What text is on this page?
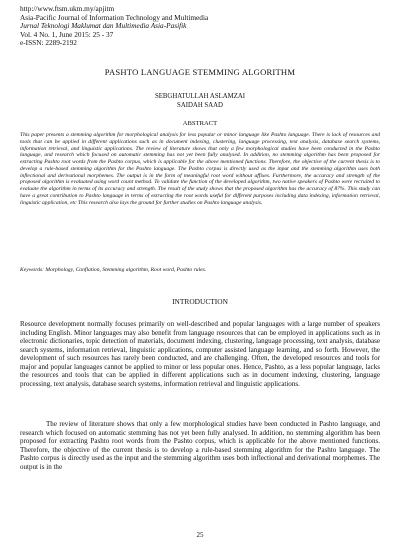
http://www.ftsm.ukm.my/apjitm
Asia-Pacific Journal of Information Technology and Multimedia
Jurnal Teknologi Maklumat dan Multimedia Asia-Pasifik
Vol. 4 No. 1, June 2015: 25 - 37
e-ISSN: 2289-2192
PASHTO LANGUAGE STEMMING ALGORITHM
SEBGHATULLAH ASLAMZAI
SAIDAH SAAD
ABSTRACT

This paper presents a stemming algorithm for morphological analysis for less popular or minor language like Pashto language. There is lack of resources and tools that can be applied in different applications such as in document indexing, clustering, language processing, text analysis, database search systems, information retrieval, and linguistic applications. The review of literature shows that only a few morphological studies have been conducted in the Pashto language, and research which focused on automatic stemming has not yet been fully analysed. In addition, no stemming algorithm has been proposed for extracting Pashto root words from the Pashto corpus, which is applicable for the above mentioned functions. Therefore, the objective of the current thesis is to develop a rule-based stemming algorithm for the Pashto language. The Pashto corpus is directly used as the input and the stemming algorithm uses both inflectional and derivational morphemes. The output is in the form of meaningful root word without affixes. Furthermore, the accuracy and strength of the proposed algorithm is evaluated using word count method. To validate the function of the developed algorithm, two native speakers of Pashto were recruited to evaluate the algorithm in terms of its accuracy and strength. The result of the study shows that the proposed algorithm has the accuracy of 87%. This study can have a great contribution to Pashto language in terms of extracting the root words useful for different purposes including data indexing, information retrieval, linguistic application, etc This research also lays the ground for further studies on Pashto language analysis.

Keywords: Morphology, Conflation, Stemming algorithm, Root word, Pashto rules.

INTRODUCTION

Resource development normally focuses primarily on well-described and popular languages with a large number of speakers including English. Minor languages may also benefit from language resources that can be employed in applications such as in electronic dictionaries, topic detection of materials, document indexing, clustering, language processing, text analysis, database search systems, information retrieval, linguistic applications, computer assisted language learning, and so forth. However, the development of such resources has rarely been conducted, and are challenging. Often, the developed resources and tools for major and popular languages cannot be applied to minor or less popular ones. Hence, Pashto, as a less popular language, lacks the resources and tools that can be applied in different applications such as in document indexing, clustering, language processing, text analysis, database search systems, information retrieval and linguistic applications.

The review of literature shows that only a few morphological studies have been conducted in Pashto language, and research which focused on automatic stemming has not yet been fully analysed. In addition, no stemming algorithm has been proposed for extracting Pashto root words from the Pashto corpus, which is applicable for the above mentioned functions. Therefore, the objective of the current thesis is to develop a rule-based stemming algorithm for the Pashto language. The Pashto corpus is directly used as the input and the stemming algorithm uses both inflectional and derivational morphemes. The output is in the

25
